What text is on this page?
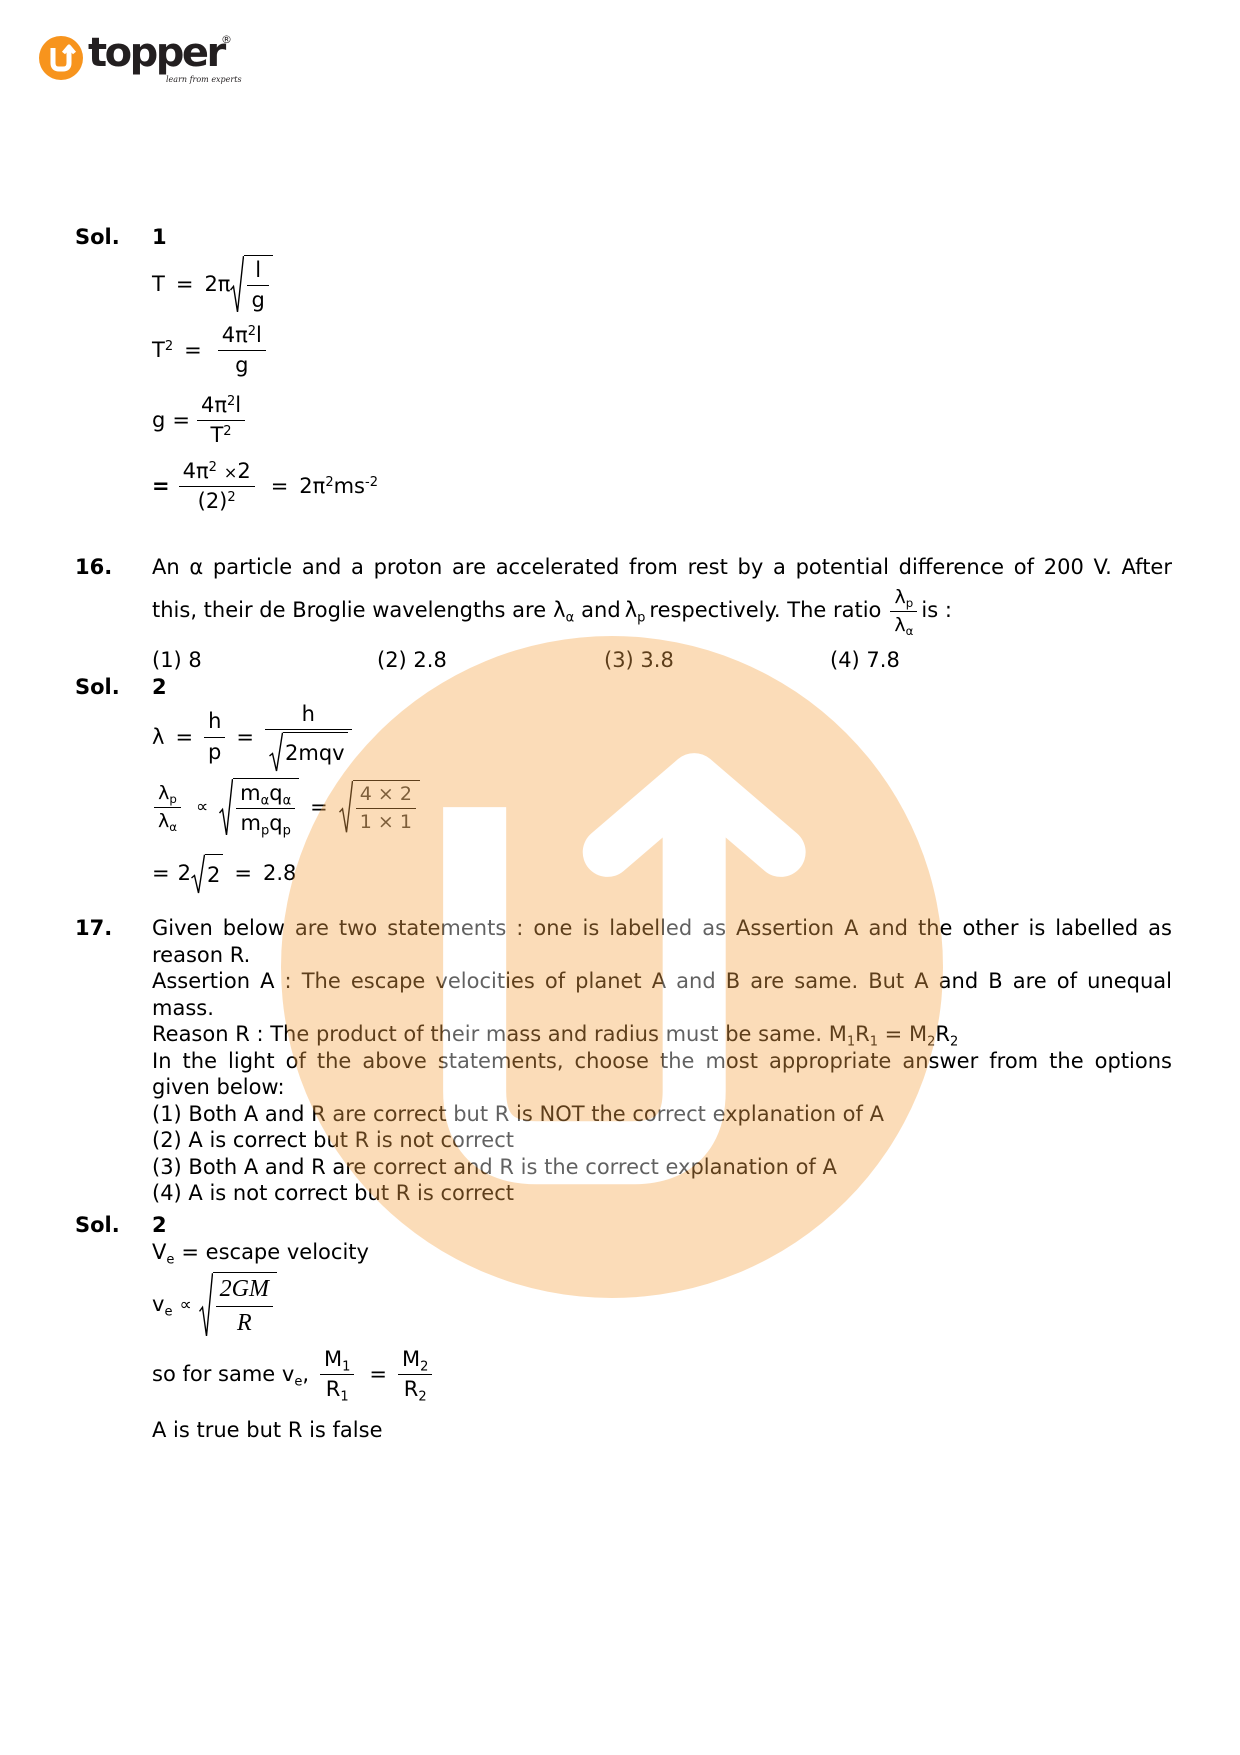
topper
®
learn from experts
Sol. 1
$T = 2\pi \frac{l}{g}$
$T^2 = \frac{4\pi^2l}{g}$
$g = \frac{4\pi^2l}{T^2}$
= $\frac{4\pi^2 \times 2}{(2)^2} = 2\pi^2ms^{-2}$
16. An α particle and a proton are accelerated from rest by a potential difference of 200 V. After
this, their de Broglie wavelengths are $\lambda_\alpha$ and $\lambda_p$ respectively. The ratio $\frac{\lambda_p}{\lambda_\alpha}$ is :
(1) 8	(2) 2.8	(3) 3.8	(4) 7.8
Sol. 2
$\lambda = \frac{h}{p} = \frac{h}{\text{2mqv}}$
$\frac{\lambda_p}{\lambda_\alpha} \propto \frac{m_\alpha q_\alpha}{m_pq_p} = \frac{4 \times 2}{1 \times 1}$
= 2 2 = 2.8
17. Given below are two statements : one is labelled as Assertion A and the other is labelled as reason R.

Assertion A : The escape velocities of planet A and B are same. But A and B are of unequal mass.

Reason R : The product of their mass and radius must be same. $M_1R_1 = M_2R_2$

In the light of the above statements, choose the most appropriate answer from the options given below:

(1) Both A and R are correct but R is NOT the correct explanation of A

(2) A is correct but R is not correct

(3) Both A and R are correct and R is the correct explanation of A

(4) A is not correct but R is correct

Sol. 2
$V_e$ = escape velocity
$v_e \propto \frac{2GM}{R}$
so for same $v_e$, $\frac{M_1}{R_1} = \frac{M_2}{R_2}$
A is true but R is false
